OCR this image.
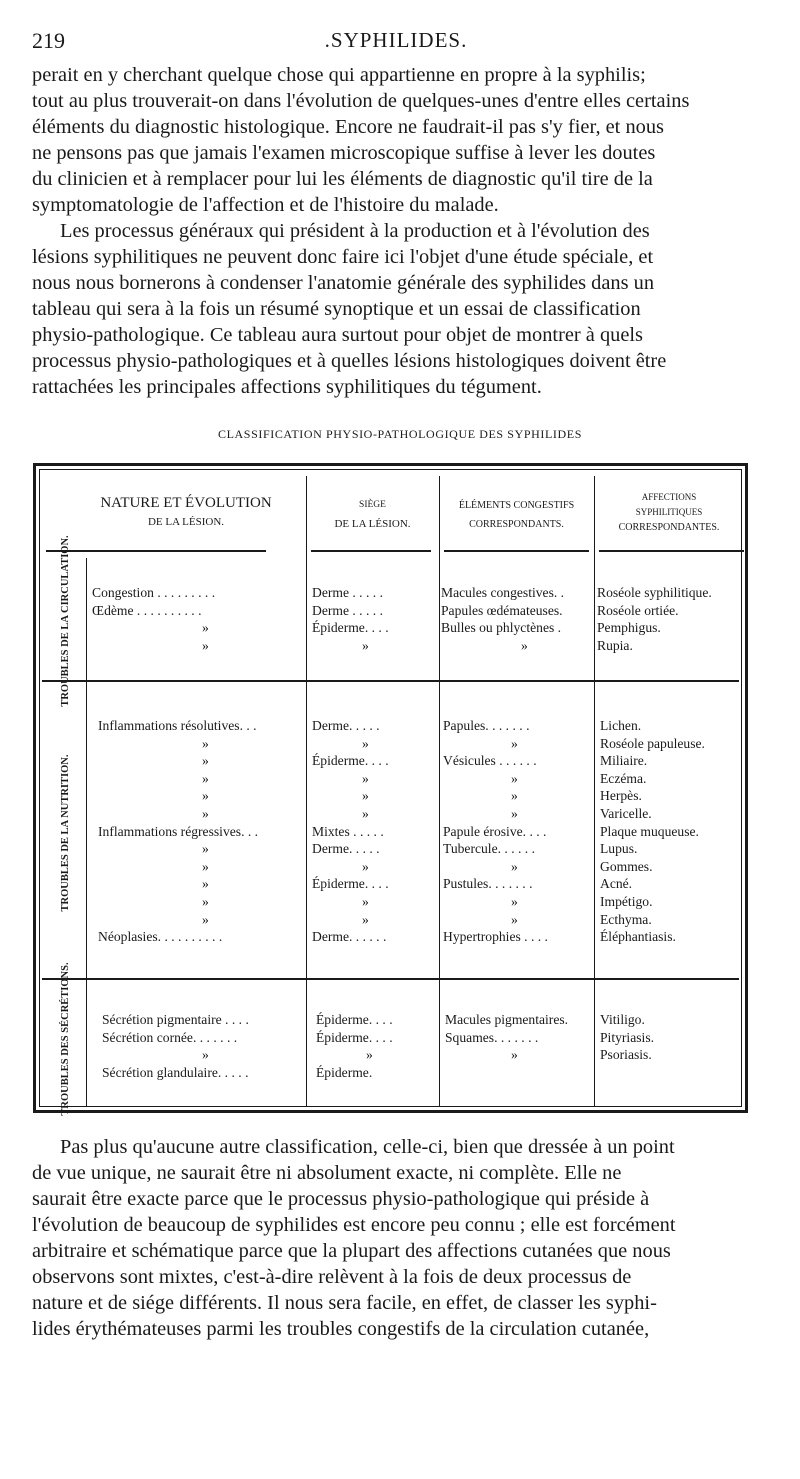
219	.SYPHILIDES.
perait en y cherchant quelque chose qui appartienne en propre à la syphilis;
tout au plus trouverait-on dans l'évolution de quelques-unes d'entre elles certains
éléments du diagnostic histologique. Encore ne faudrait-il pas s'y fier, et nous
ne pensons pas que jamais l'examen microscopique suffise à lever les doutes
du clinicien et à remplacer pour lui les éléments de diagnostic qu'il tire de la
symptomatologie de l'affection et de l'histoire du malade.
Les processus généraux qui président à la production et à l'évolution des
lésions syphilitiques ne peuvent donc faire ici l'objet d'une étude spéciale, et
nous nous bornerons à condenser l'anatomie générale des syphilides dans un
tableau qui sera à la fois un résumé synoptique et un essai de classification
physio-pathologique. Ce tableau aura surtout pour objet de montrer à quels
processus physio-pathologiques et à quelles lésions histologiques doivent être
rattachées les principales affections syphilitiques du tégument.
CLASSIFICATION PHYSIO-PATHOLOGIQUE DES SYPHILIDES
NATURE ET ÉVOLUTION
DE LA LÉSION.
SIÈGE
DE LA LÉSION.
ÉLÉMENTS CONGESTIFS
CORRESPONDANTS.
AFFECTIONS
SYPHILITIQUES
CORRESPONDANTES.
TROUBLES DE LA CIRCULATION.
TROUBLES DE LA NUTRITION.
TROUBLES DES SÉCRÉTIONS.
Congestion . . . . . . . . .
Œdème . . . . . . . . . .
»
»
Derme . . . . .
Derme . . . . .
Épiderme. . . .
»
Macules congestives. .
Papules œdémateuses.
Bulles ou phlyctènes .
»
Roséole syphilitique.
Roséole ortiée.
Pemphigus.
Rupia.
Inflammations résolutives. . .
»
»
»
»
»
Inflammations régressives. . .
»
»
»
»
»
Néoplasies. . . . . . . . . .
Derme. . . . .
»
Épiderme. . . .
»
»
»
Mixtes . . . . .
Derme. . . . .
»
Épiderme. . . .
»
»
Derme. . . . . .
Papules. . . . . . .
»
Vésicules . . . . . .
»
»
»
Papule érosive. . . .
Tubercule. . . . . .
»
Pustules. . . . . . .
»
»
Hypertrophies . . . .
Lichen.
Roséole papuleuse.
Miliaire.
Eczéma.
Herpès.
Varicelle.
Plaque muqueuse.
Lupus.
Gommes.
Acné.
Impétigo.
Ecthyma.
Éléphantiasis.
Sécrétion pigmentaire . . . .
Sécrétion cornée. . . . . . .
»
Sécrétion glandulaire. . . . .
Épiderme. . . .
Épiderme. . . .
»
Épiderme.
Macules pigmentaires.
Squames. . . . . . .
»
Vitiligo.
Pityriasis.
Psoriasis.
Pas plus qu'aucune autre classification, celle-ci, bien que dressée à un point
de vue unique, ne saurait être ni absolument exacte, ni complète. Elle ne
saurait être exacte parce que le processus physio-pathologique qui préside à
l'évolution de beaucoup de syphilides est encore peu connu ; elle est forcément
arbitraire et schématique parce que la plupart des affections cutanées que nous
observons sont mixtes, c'est-à-dire relèvent à la fois de deux processus de
nature et de siége différents. Il nous sera facile, en effet, de classer les syphi-
lides érythémateuses parmi les troubles congestifs de la circulation cutanée,
